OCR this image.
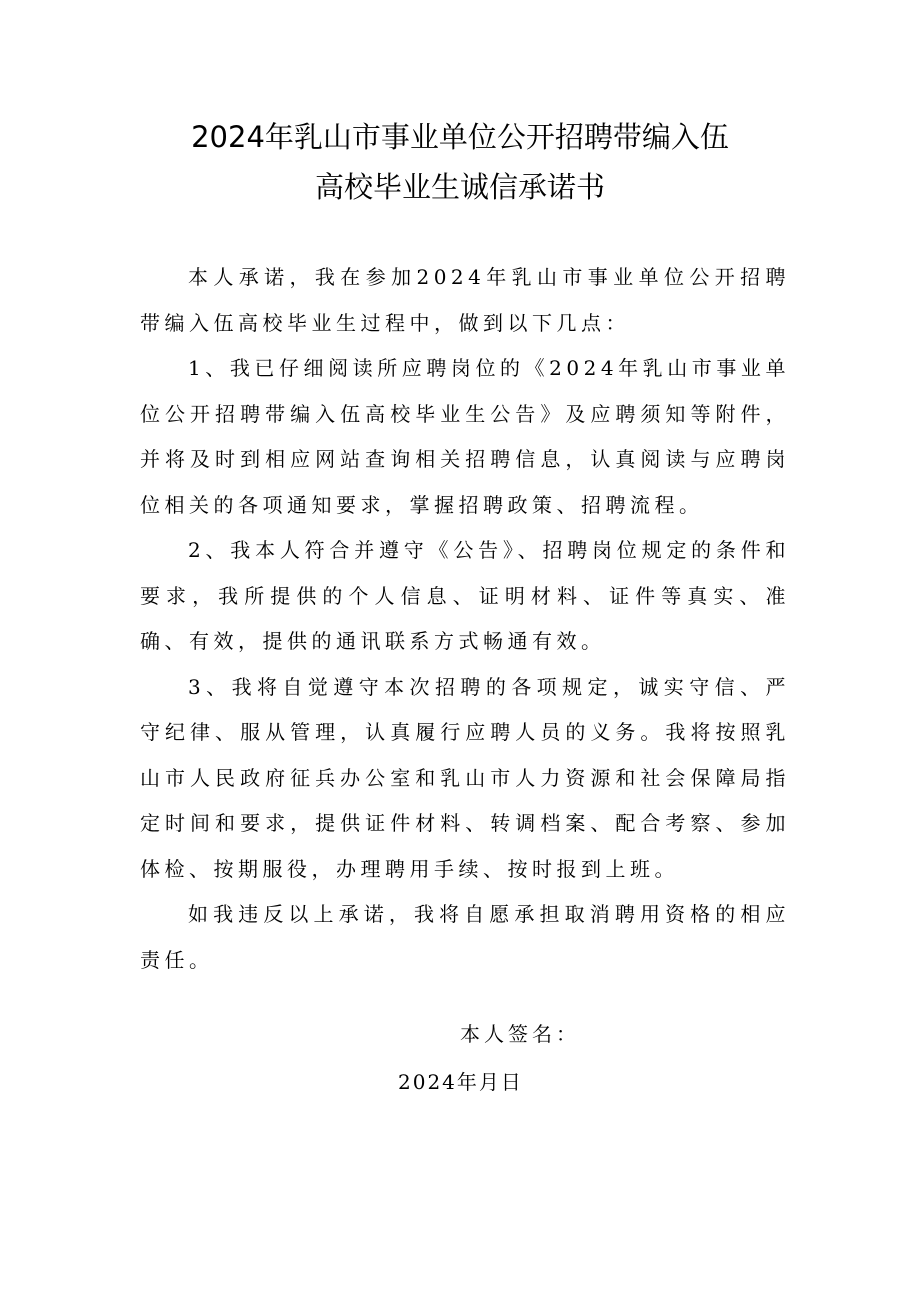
2024年乳山市事业单位公开招聘带编入伍
高校毕业生诚信承诺书

本人承诺，我在参加2024年乳山市事业单位公开招聘带编入伍高校毕业生过程中，做到以下几点：

1、我已仔细阅读所应聘岗位的《2024年乳山市事业单位公开招聘带编入伍高校毕业生公告》及应聘须知等附件，并将及时到相应网站查询相关招聘信息，认真阅读与应聘岗位相关的各项通知要求，掌握招聘政策、招聘流程。

2、我本人符合并遵守《公告》、招聘岗位规定的条件和要求，我所提供的个人信息、证明材料、证件等真实、准确、有效，提供的通讯联系方式畅通有效。

3、我将自觉遵守本次招聘的各项规定，诚实守信、严守纪律、服从管理，认真履行应聘人员的义务。我将按照乳山市人民政府征兵办公室和乳山市人力资源和社会保障局指定时间和要求，提供证件材料、转调档案、配合考察、参加体检、按期服役，办理聘用手续、按时报到上班。

如我违反以上承诺，我将自愿承担取消聘用资格的相应责任。

本人签名：
2024年月日
